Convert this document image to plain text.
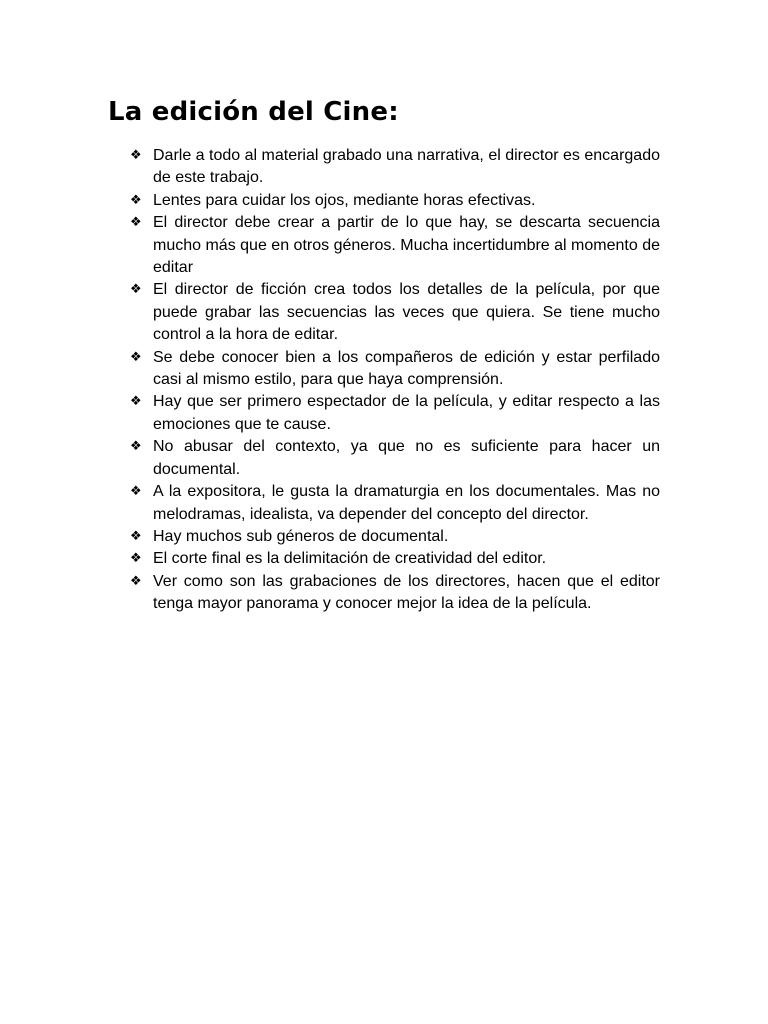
La edición del Cine:
❖ Darle a todo al material grabado una narrativa, el director es encargado de este trabajo.
❖ Lentes para cuidar los ojos, mediante horas efectivas.
❖ El director debe crear a partir de lo que hay, se descarta secuencia mucho más que en otros géneros. Mucha incertidumbre al momento de editar
❖ El director de ficción crea todos los detalles de la película, por que puede grabar las secuencias las veces que quiera. Se tiene mucho control a la hora de editar.
❖ Se debe conocer bien a los compañeros de edición y estar perfilado casi al mismo estilo, para que haya comprensión.
❖ Hay que ser primero espectador de la película, y editar respecto a las emociones que te cause.
❖ No abusar del contexto, ya que no es suficiente para hacer un documental.
❖ A la expositora, le gusta la dramaturgia en los documentales. Mas no melodramas, idealista, va depender del concepto del director.
❖ Hay muchos sub géneros de documental.
❖ El corte final es la delimitación de creatividad del editor.
❖ Ver como son las grabaciones de los directores, hacen que el editor tenga mayor panorama y conocer mejor la idea de la película.
